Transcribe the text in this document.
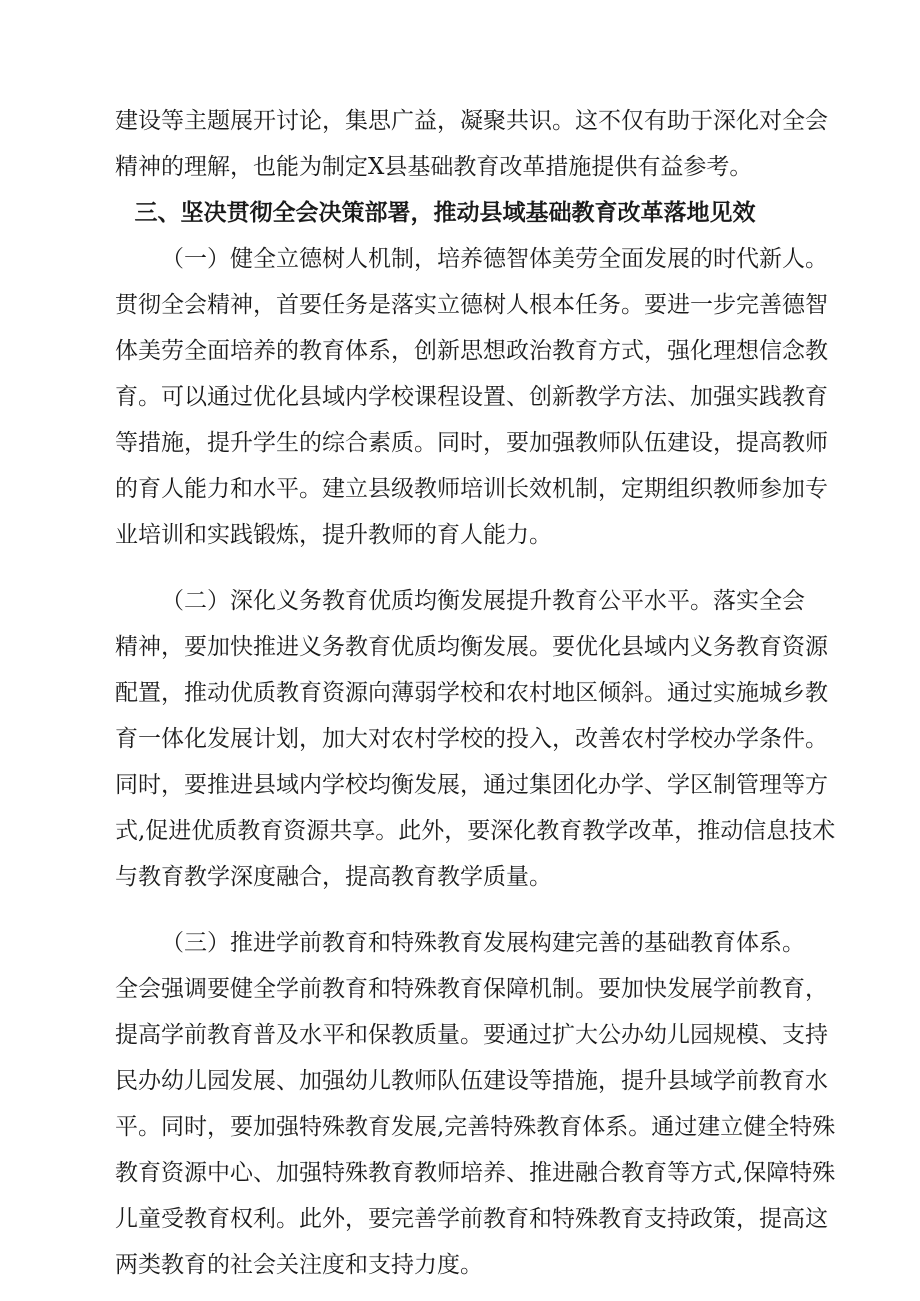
建设等主题展开讨论，集思广益，凝聚共识。这不仅有助于深化对全会
精神的理解，也能为制定X县基础教育改革措施提供有益参考。
三、坚决贯彻全会决策部署，推动县域基础教育改革落地见效
（一）健全立德树人机制，培养德智体美劳全面发展的时代新人。
贯彻全会精神，首要任务是落实立德树人根本任务。要进一步完善德智
体美劳全面培养的教育体系，创新思想政治教育方式，强化理想信念教
育。可以通过优化县域内学校课程设置、创新教学方法、加强实践教育
等措施，提升学生的综合素质。同时，要加强教师队伍建设，提高教师
的育人能力和水平。建立县级教师培训长效机制，定期组织教师参加专
业培训和实践锻炼，提升教师的育人能力。
（二）深化义务教育优质均衡发展提升教育公平水平。落实全会
精神，要加快推进义务教育优质均衡发展。要优化县域内义务教育资源
配置，推动优质教育资源向薄弱学校和农村地区倾斜。通过实施城乡教
育一体化发展计划，加大对农村学校的投入，改善农村学校办学条件。
同时，要推进县域内学校均衡发展，通过集团化办学、学区制管理等方
式,促进优质教育资源共享。此外，要深化教育教学改革，推动信息技术
与教育教学深度融合，提高教育教学质量。
（三）推进学前教育和特殊教育发展构建完善的基础教育体系。
全会强调要健全学前教育和特殊教育保障机制。要加快发展学前教育，
提高学前教育普及水平和保教质量。要通过扩大公办幼儿园规模、支持
民办幼儿园发展、加强幼儿教师队伍建设等措施，提升县域学前教育水
平。同时，要加强特殊教育发展,完善特殊教育体系。通过建立健全特殊
教育资源中心、加强特殊教育教师培养、推进融合教育等方式,保障特殊
儿童受教育权利。此外，要完善学前教育和特殊教育支持政策，提高这
两类教育的社会关注度和支持力度。
